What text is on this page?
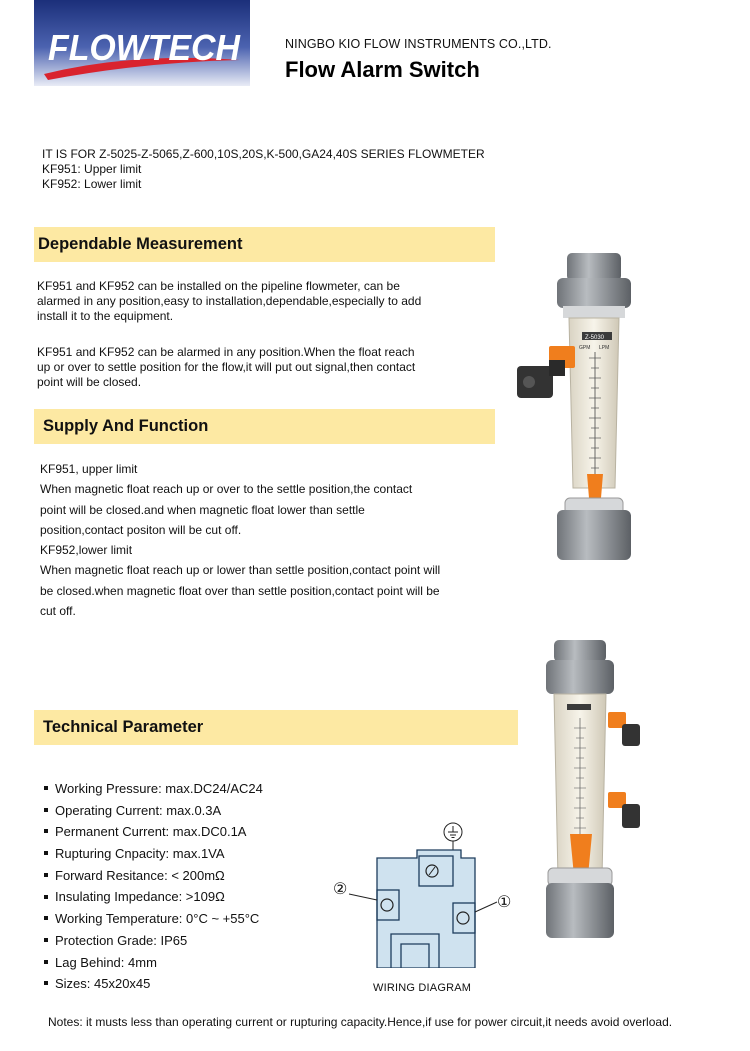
FLOWTECH	NINGBO KIO FLOW INSTRUMENTS CO.,LTD.
Flow Alarm Switch
IT IS FOR Z-5025-Z-5065,Z-600,10S,20S,K-500,GA24,40S SERIES FLOWMETER
KF951: Upper limit
KF952: Lower limit
Dependable Measurement
KF951 and KF952 can be installed on the pipeline flowmeter, can be
alarmed in any position,easy to installation,dependable,especially to add
install it to the equipment.
KF951 and KF952 can be alarmed in any position.When the float reach
up or over to settle position for the flow,it will put out signal,then contact
point will be closed.
Supply And Function
KF951, upper limit
When magnetic float reach up or over to the settle position,the contact
point will be closed.and when magnetic float lower than settle
position,contact positon will be cut off.
KF952,lower limit
When magnetic float reach up or lower than settle position,contact point will
be closed.when magnetic float over than settle position,contact point will be
cut off.
Technical Parameter
Working Pressure: max.DC24/AC24
Operating Current: max.0.3A
Permanent Current: max.DC0.1A
Rupturing Cnpacity: max.1VA
Forward Resitance: < 200mΩ
Insulating Impedance: >109Ω
Working Temperature: 0°C ~ +55°C
Protection Grade: IP65
Lag Behind: 4mm
Sizes: 45x20x45
②
①
WIRING DIAGRAM
Z-5030
GPM LPM
Notes: it musts less than operating current or rupturing capacity.Hence,if use for power circuit,it needs avoid overload.
